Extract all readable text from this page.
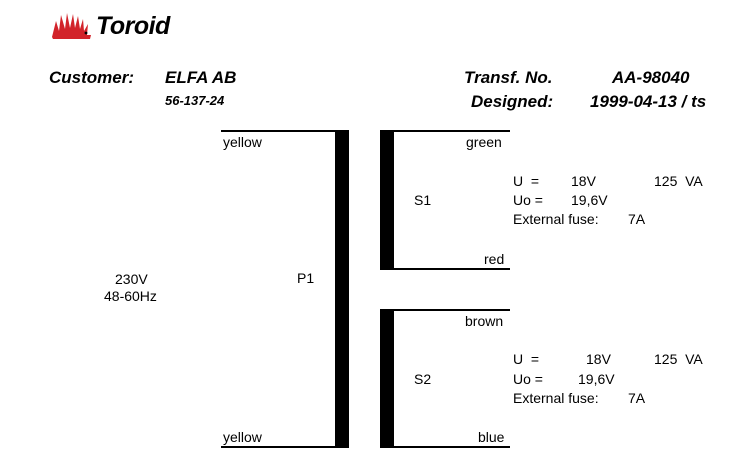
Toroid
Customer: ELFA AB
56-137-24
Transf. No.	AA-98040
Designed: 1999-04-13 / ts
yellow
yellow
P1
230V
48-60Hz
green
red
S1
U  = 18V	125  VA
Uo = 19,6V
External fuse: 7A
brown
blue
S2
U  =	18V	125  VA
Uo =	19,6V
External fuse: 7A
